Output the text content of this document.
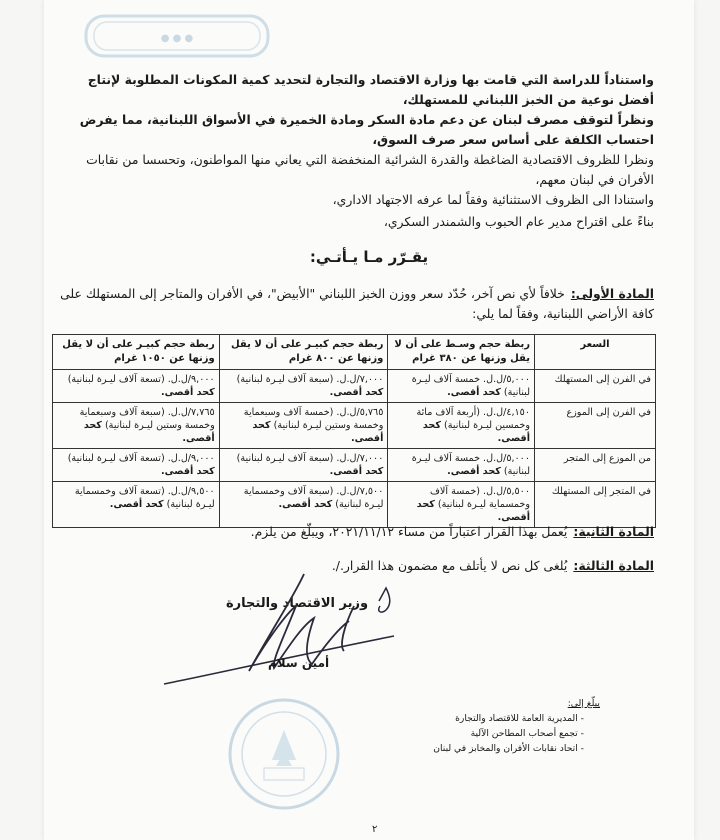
● ● ●
واستناداً للدراسة التي قامت بها وزارة الاقتصاد والتجارة لتحديد كمية المكونات المطلوبة لإنتاج أفضل نوعية من الخبز اللبناني للمستهلك،
ونظراً لتوقف مصرف لبنان عن دعم مادة السكر ومادة الخميرة في الأسواق اللبنانية، مما يفرض احتساب الكلفة على أساس سعر صرف السوق،
ونظرا للظروف الاقتصادية الضاغطة والقدرة الشرائية المنخفضة التي يعاني منها المواطنون، وتحسسا من نقابات الأفران في لبنان معهم،
واستنادا الى الظروف الاستثنائية وفقاً لما عرفه الاجتهاد الاداري،
بناءً على اقتراح مدير عام الحبوب والشمندر السكري،
يقـرّر مـا يـأتـي:
المادة الأولى:خلافاً لأي نص آخر، حُدّد سعر ووزن الخبز اللبناني "الأبيض"، في الأفران والمتاجر إلى المستهلك على كافة الأراضي اللبنانية، وفقاً لما يلي:
السعر	ربطة حجم وسـط على أن لا يقل وزنها عن ٣٨٠ غرام	ربطة حجم كبيـر على أن لا يقل وزنها عن ٨٠٠ غرام	ربطة حجم كبيـر على أن لا يقل وزنها عن ١٠٥٠ غرام
في الفرن إلى المستهلك	٥,٠٠٠/ل.ل. خمسة آلاف ليـرة لبنانية) كحد أقصى.	٧,٠٠٠/ل.ل. (سبعة آلاف ليـرة لبنانية) كحد أقصى.	٩,٠٠٠/ل.ل. (تسعة آلاف ليـرة لبنانية) كحد أقصى.
في الفرن إلى الموزع	٤,١٥٠/ل.ل. (أربعة آلاف مائة وخمسين ليـرة لبنانية) كحد أقصى.	٥,٧٦٥/ل.ل. (خمسة آلاف وسبعماية وخمسة وستين ليـرة لبنانية) كحد أقصى.	٧,٧٦٥/ل.ل. (سبعة آلاف وسبعماية وخمسة وستين ليـرة لبنانية) كحد أقصى.
من الموزع إلى المتجر	٥,٠٠٠/ل.ل. خمسة آلاف ليـرة لبنانية) كحد أقصى.	٧,٠٠٠/ل.ل. (سبعة آلاف ليـرة لبنانية) كحد أقصى.	٩,٠٠٠/ل.ل. (تسعة آلاف ليـرة لبنانية) كحد أقصى.
في المتجر إلى المستهلك	٥,٥٠٠/ل.ل. (خمسة آلاف وخمسماية ليـرة لبنانية) كحد أقصى.	٧,٥٠٠/ل.ل. (سبعة آلاف وخمسماية ليـرة لبنانية) كحد أقصى.	٩,٥٠٠/ل.ل. (تسعة آلاف وخمسماية ليـرة لبنانية) كحد أقصى.
المادة الثانية:يُعمل بهذا القرار اعتباراً من مساء ٢٠٢١/١١/١٢، ويبلّغ من يلزم.
المادة الثالثة:يُلغى كل نص لا يأتلف مع مضمون هذا القرار./.
وزير الاقتصاد والتجارة
أمين سلام
يبلّغ إلى:
- المديرية العامة للاقتصاد والتجارة
- تجمع أصحاب المطاحن الآلية
- اتحاد نقابات الأفران والمخابز في لبنان
٢
